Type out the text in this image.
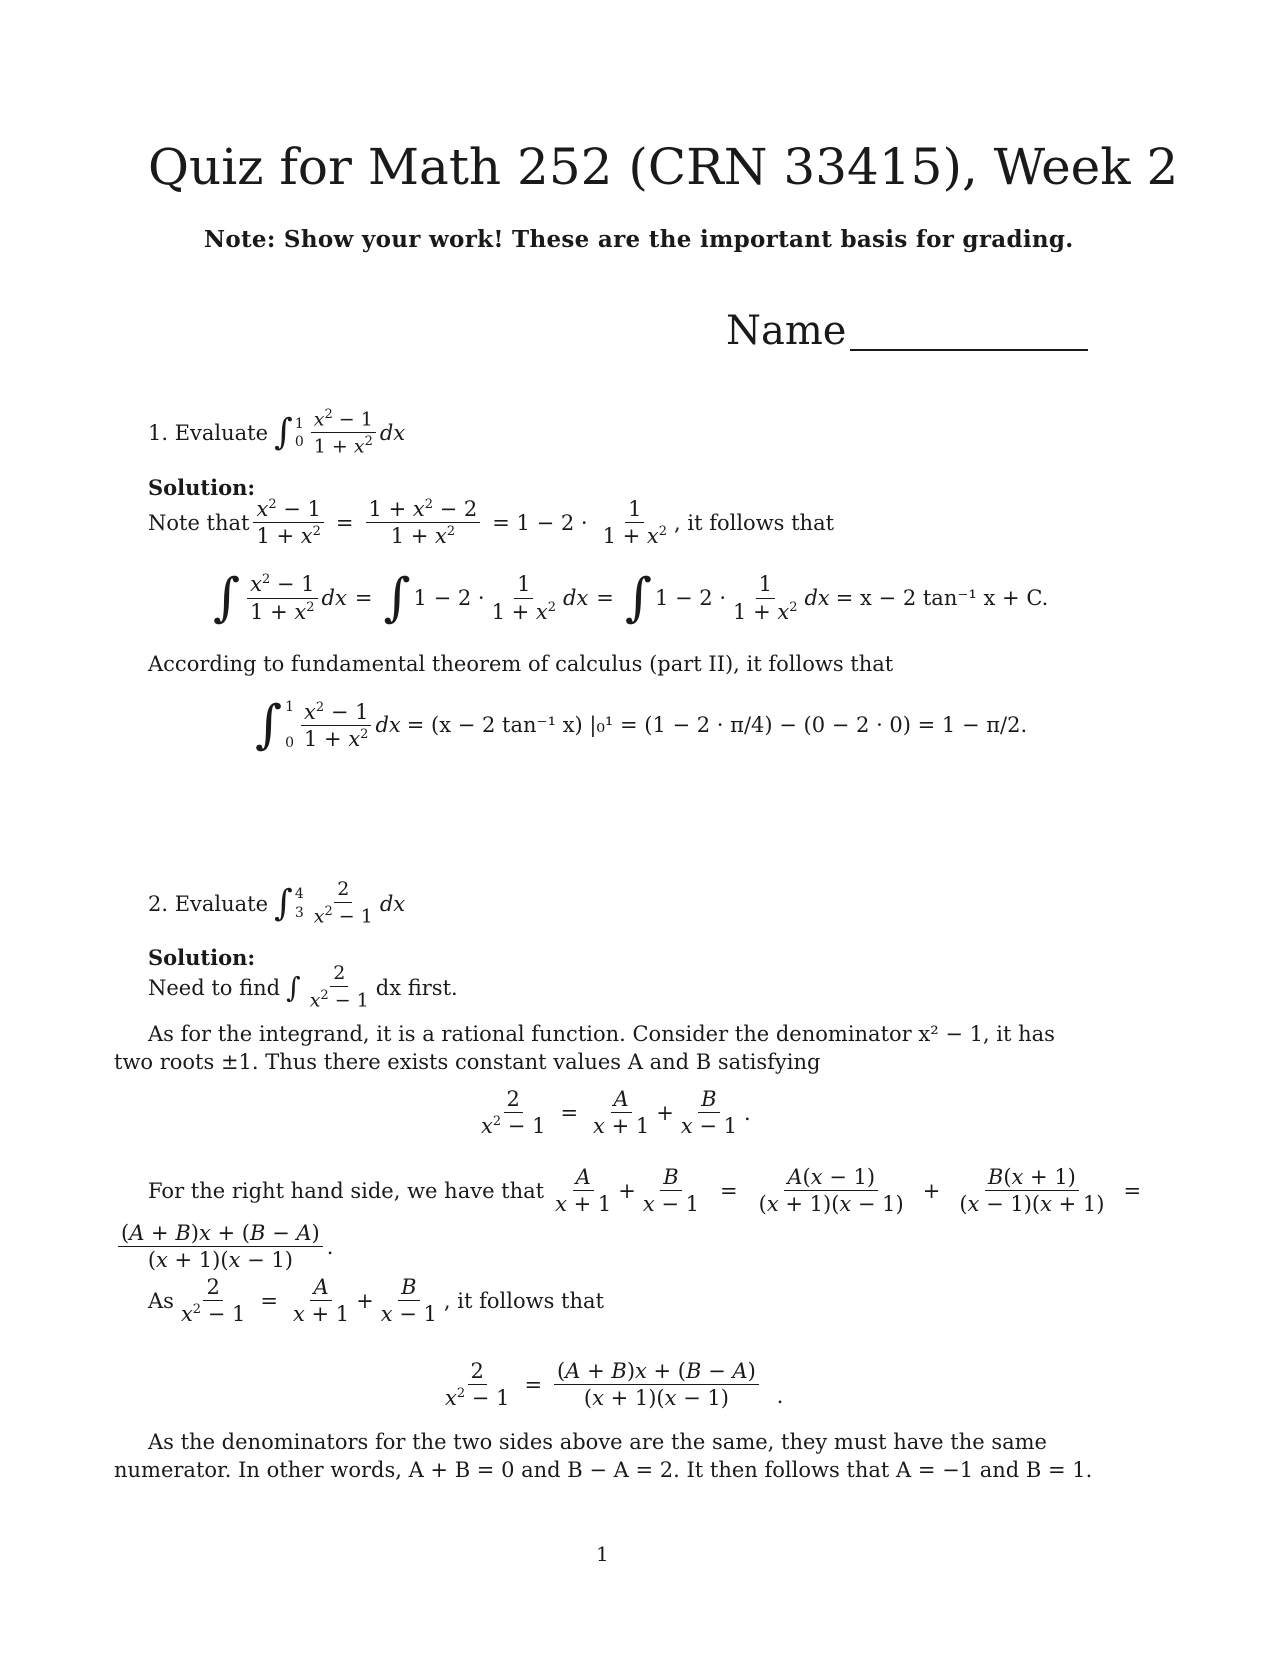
Quiz for Math 252 (CRN 33415), Week 2
Note: Show your work! These are the important basis for grading.
Name
1. Evaluate ∫ 1
$0 \frac{x^2 - 1}{1 + x^2}$ dx
Solution:
Note that $\frac{x^2 - 1}{1 + x^2} = \frac{1 + x^2 - 2}{1 + x^2} = 1 - 2 \cdot \frac{1}{1 + x^2}$ , it follows that
∫ $\frac{x^2 - 1}{1 + x^2}$ dx = ∫ $1 - 2 \cdot \frac{1}{1 + x^2}$ dx = ∫ $1 - 2 \cdot \frac{1}{1 + x^2}$ dx = x − 2 tan⁻¹ x + C.
According to fundamental theorem of calculus (part II), it follows that
∫ 1
$0 \frac{x^2 - 1}{1 + x^2}$ dx = (x − 2 tan⁻¹ x) |₀¹ = (1 − 2 · π/4) − (0 − 2 · 0) = 1 − π/2.
2. Evaluate ∫ 4
$3 \frac{2}{x^2 - 1}$ dx
Solution:
Need to find ∫ $\frac{2}{x^2 - 1}$ dx first.
As for the integrand, it is a rational function. Consider the denominator x² − 1, it has two roots ±1. Thus there exists constant values A and B satisfying
$\frac{2}{x^2 - 1} = \frac{A}{x + 1} + \frac{B}{x - 1}$ .
For the right hand side, we have that $\frac{A}{x + 1} + \frac{B}{x - 1} = \frac{A(x - 1)}{(x + 1)(x - 1)} + \frac{B(x + 1)}{(x - 1)(x + 1)}$ =
$\frac{(A + B)x + (B - A)}{(x + 1)(x - 1)}$ .
As $\frac{2}{x^2 - 1} = \frac{A}{x + 1} + \frac{B}{x - 1}$ , it follows that
$\frac{2}{x^2 - 1} = \frac{(A + B)x + (B - A)}{(x + 1)(x - 1)}$ .
As the denominators for the two sides above are the same, they must have the same numerator. In other words, A + B = 0 and B − A = 2. It then follows that A = −1 and B = 1.
1
